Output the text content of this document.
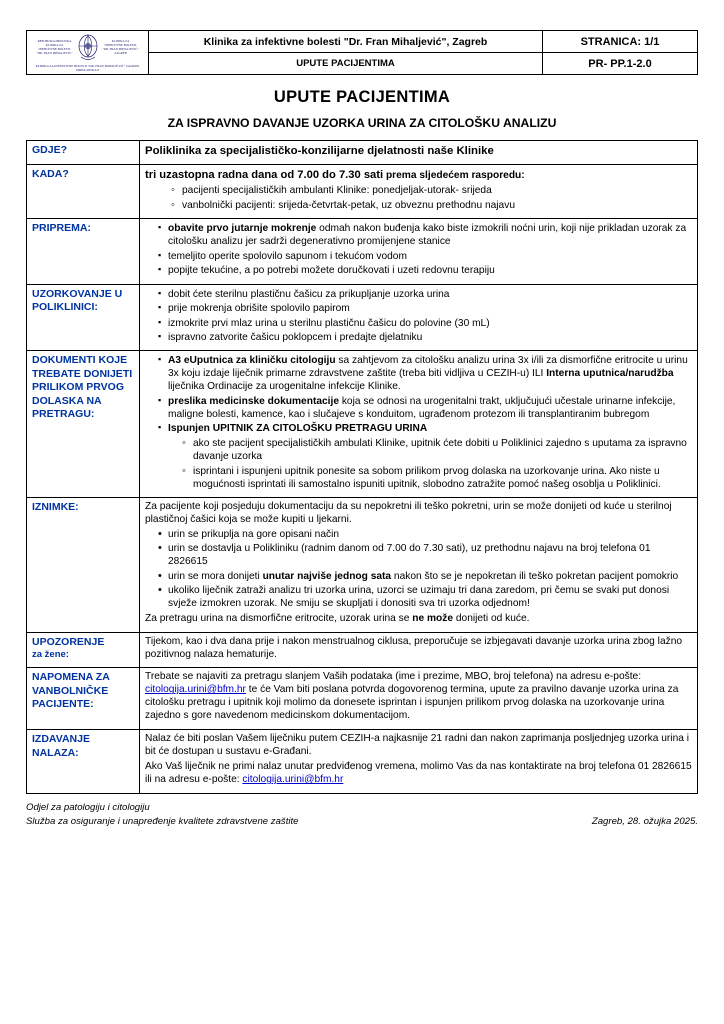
REPUBLIKA HRVATSKA KLINIKA ZA INFEKTIVNE BOLESTI "DR. FRAN MIHALJEVIĆ"
KLINIKA ZA INFEKTIVNE BOLESTI "DR. FRAN MIHALJEVIĆ" ZAGREB
KLINIKA ZA INFEKTIVNE BOLESTI "DR. FRAN MIHALJEVIĆ" ZAGREB, MIROGOJSKA 8
Klinika za infektivne bolesti "Dr. Fran Mihaljević", Zagreb
UPUTE PACIJENTIMA
STRANICA: 1/1
PR- PP.1-2.0
UPUTE PACIJENTIMA
ZA ISPRAVNO DAVANJE UZORKA URINA ZA CITOLOŠKU ANALIZU
GDJE?	Poliklinika za specijalističko-konzilijarne djelatnosti naše Klinike

KADA?	tri uzastopna radna dana od 7.00 do 7.30 sati prema sljedećem rasporedu:

◦ pacijenti specijalističkih ambulanti Klinike: ponedjeljak-utorak- srijeda
◦ vanbolnički pacijenti: srijeda-četvrtak-petak, uz obveznu prethodnu najavu

PRIPREMA:	
▪obavite prvo jutarnje mokrenje odmah nakon buđenja kako biste izmokrili noćni urin, koji nije prikladan uzorak za citološku analizu jer sadrži degenerativno promijenjene stanice
▪ temeljito operite spolovilo sapunom i tekućom vodom
▪ popijte tekućine, a po potrebi možete doručkovati i uzeti redovnu terapiju

UZORKOVANJE U POLIKLINICI:	
▪ dobit ćete sterilnu plastičnu čašicu za prikupljanje uzorka urina
▪ prije mokrenja obrišite spolovilo papirom
▪ izmokrite prvi mlaz urina u sterilnu plastičnu čašicu do polovine (30 mL)
▪ ispravno zatvorite čašicu poklopcem i predajte djelatniku

DOKUMENTI KOJE TREBATE DONIJETI PRILIKOM PRVOG DOLASKA NA PRETRAGU:	
▪ A3 eUputnica za kliničku citologiju sa zahtjevom za citološku analizu urina 3x i/ili za dismorfične eritrocite u urinu 3x koju izdaje liječnik primarne zdravstvene zaštite (treba biti vidljiva u CEZIH-u) ILI Interna uputnica/narudžba liječnika Ordinacije za urogenitalne infekcije Klinike.
▪ preslika medicinske dokumentacije koja se odnosi na urogenitalni trakt, uključujući učestale urinarne infekcije, maligne bolesti, kamence, kao i slučajeve s konduitom, ugrađenom protezom ili transplantiranim bubregom
▪ Ispunjen UPITNIK ZA CITOLOŠKU PRETRAGU URINA
◦ ako ste pacijent specijalističkih ambulati Klinike, upitnik ćete dobiti u Poliklinici zajedno s uputama za ispravno davanje uzorka
◦ isprintani i ispunjeni upitnik ponesite sa sobom prilikom prvog dolaska na uzorkovanje urina. Ako niste u mogućnosti isprintati ili samostalno ispuniti upitnik, slobodno zatražite pomoć našeg osoblja u Poliklinici.

IZNIMKE:	Za pacijente koji posjeduju dokumentaciju da su nepokretni ili teško pokretni, urin se može donijeti od kuće u sterilnoj plastičnoj čašici koja se može kupiti u ljekarni.

• urin se prikuplja na gore opisani način
• urin se dostavlja u Polikliniku (radnim danom od 7.00 do 7.30 sati), uz prethodnu najavu na broj telefona 01 2826615
• urin se mora donijeti unutar najviše jednog sata nakon što se je nepokretan ili teško pokretan pacijent pomokrio
• ukoliko liječnik zatraži analizu tri uzorka urina, uzorci se uzimaju tri dana zaredom, pri čemu se svaki put donosi svježe izmokren uzorak. Ne smiju se skupljati i donositi sva tri uzorka odjednom!

Za pretragu urina na dismorfične eritrocite, uzorak urina se ne može donijeti od kuće.

UPOZORENJE
za žene:	Tijekom, kao i dva dana prije i nakon menstrualnog ciklusa, preporučuje se izbjegavati davanje uzorka urina zbog lažno pozitivnog nalaza hematurije.

NAPOMENA ZA VANBOLNIČKE PACIJENTE:	Trebate se najaviti za pretragu slanjem Vaših podataka (ime i prezime, MBO, broj telefona) na adresu e-pošte: citologija.urini@bfm.hr te će Vam biti poslana potvrda dogovorenog termina, upute za pravilno davanje uzorka urina za citološku pretragu i upitnik koji molimo da donesete isprintan i ispunjen prilikom prvog dolaska na uzorkovanje urina zajedno s gore navedenom medicinskom dokumentacijom.

IZDAVANJE NALAZA:	Nalaz će biti poslan Vašem liječniku putem CEZIH-a najkasnije 21 radni dan nakon zaprimanja posljednjeg uzorka urina i bit će dostupan u sustavu e-Građani.

Ako Vaš liječnik ne primi nalaz unutar predviđenog vremena, molimo Vas da nas kontaktirate na broj telefona 01 2826615 ili na adresu e-pošte: citologija.urini@bfm.hr

Odjel za patologiju i citologiju
Služba za osiguranje i unapređenje kvalitete zdravstvene zaštite	Zagreb, 28. ožujka 2025.
